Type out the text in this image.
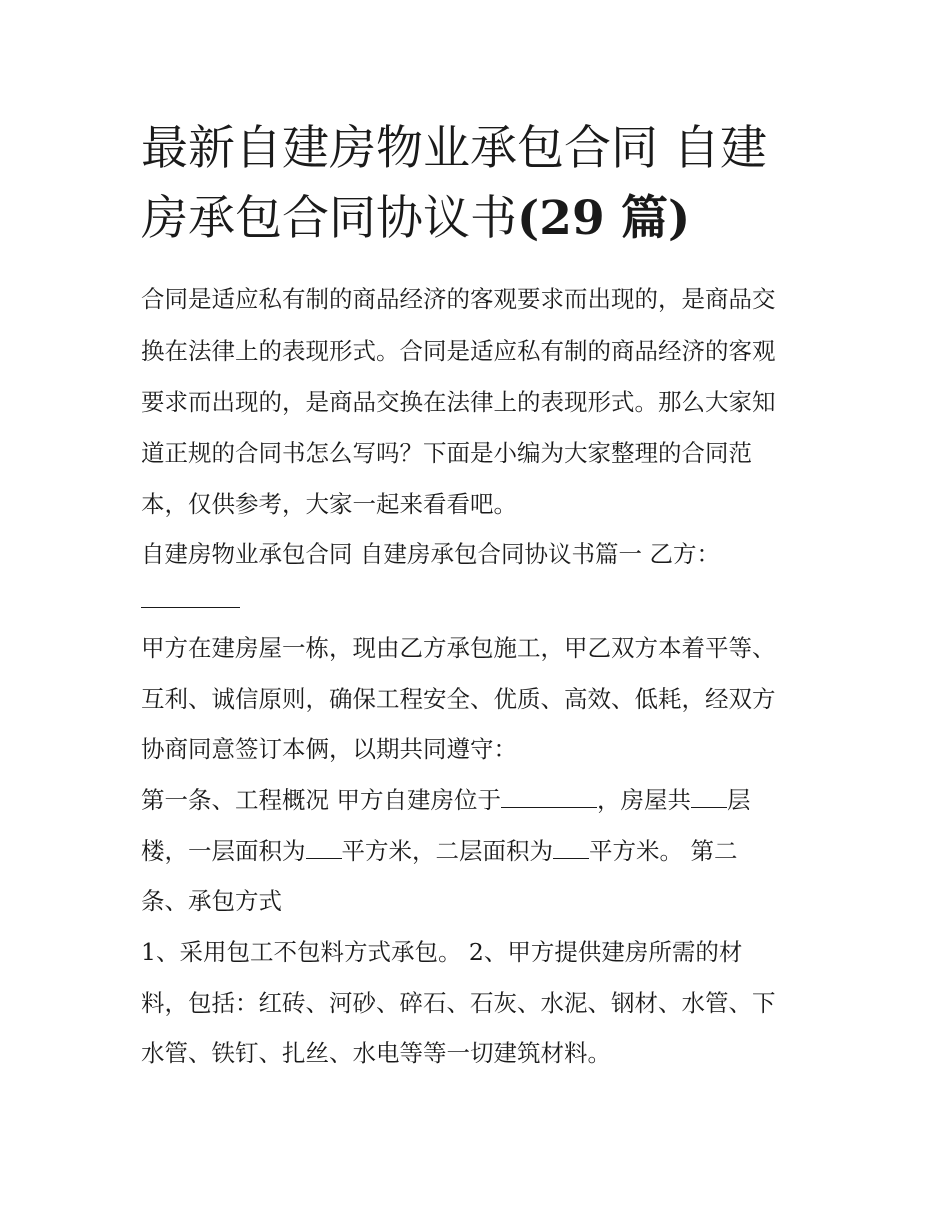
最新自建房物业承包合同 自建
房承包合同协议书(29 篇)
合同是适应私有制的商品经济的客观要求而出现的，是商品交
换在法律上的表现形式。合同是适应私有制的商品经济的客观
要求而出现的，是商品交换在法律上的表现形式。那么大家知
道正规的合同书怎么写吗？下面是小编为大家整理的合同范
本，仅供参考，大家一起来看看吧。
自建房物业承包合同 自建房承包合同协议书篇一 乙方：
甲方在建房屋一栋，现由乙方承包施工，甲乙双方本着平等、
互利、诚信原则，确保工程安全、优质、高效、低耗，经双方
协商同意签订本俩，以期共同遵守：
第一条、工程概况 甲方自建房位于	，房屋共 层
楼，一层面积为 平方米，二层面积为 平方米。 第二
条、承包方式
1、采用包工不包料方式承包。 2、甲方提供建房所需的材
料，包括：红砖、河砂、碎石、石灰、水泥、钢材、水管、下
水管、铁钉、扎丝、水电等等一切建筑材料。
